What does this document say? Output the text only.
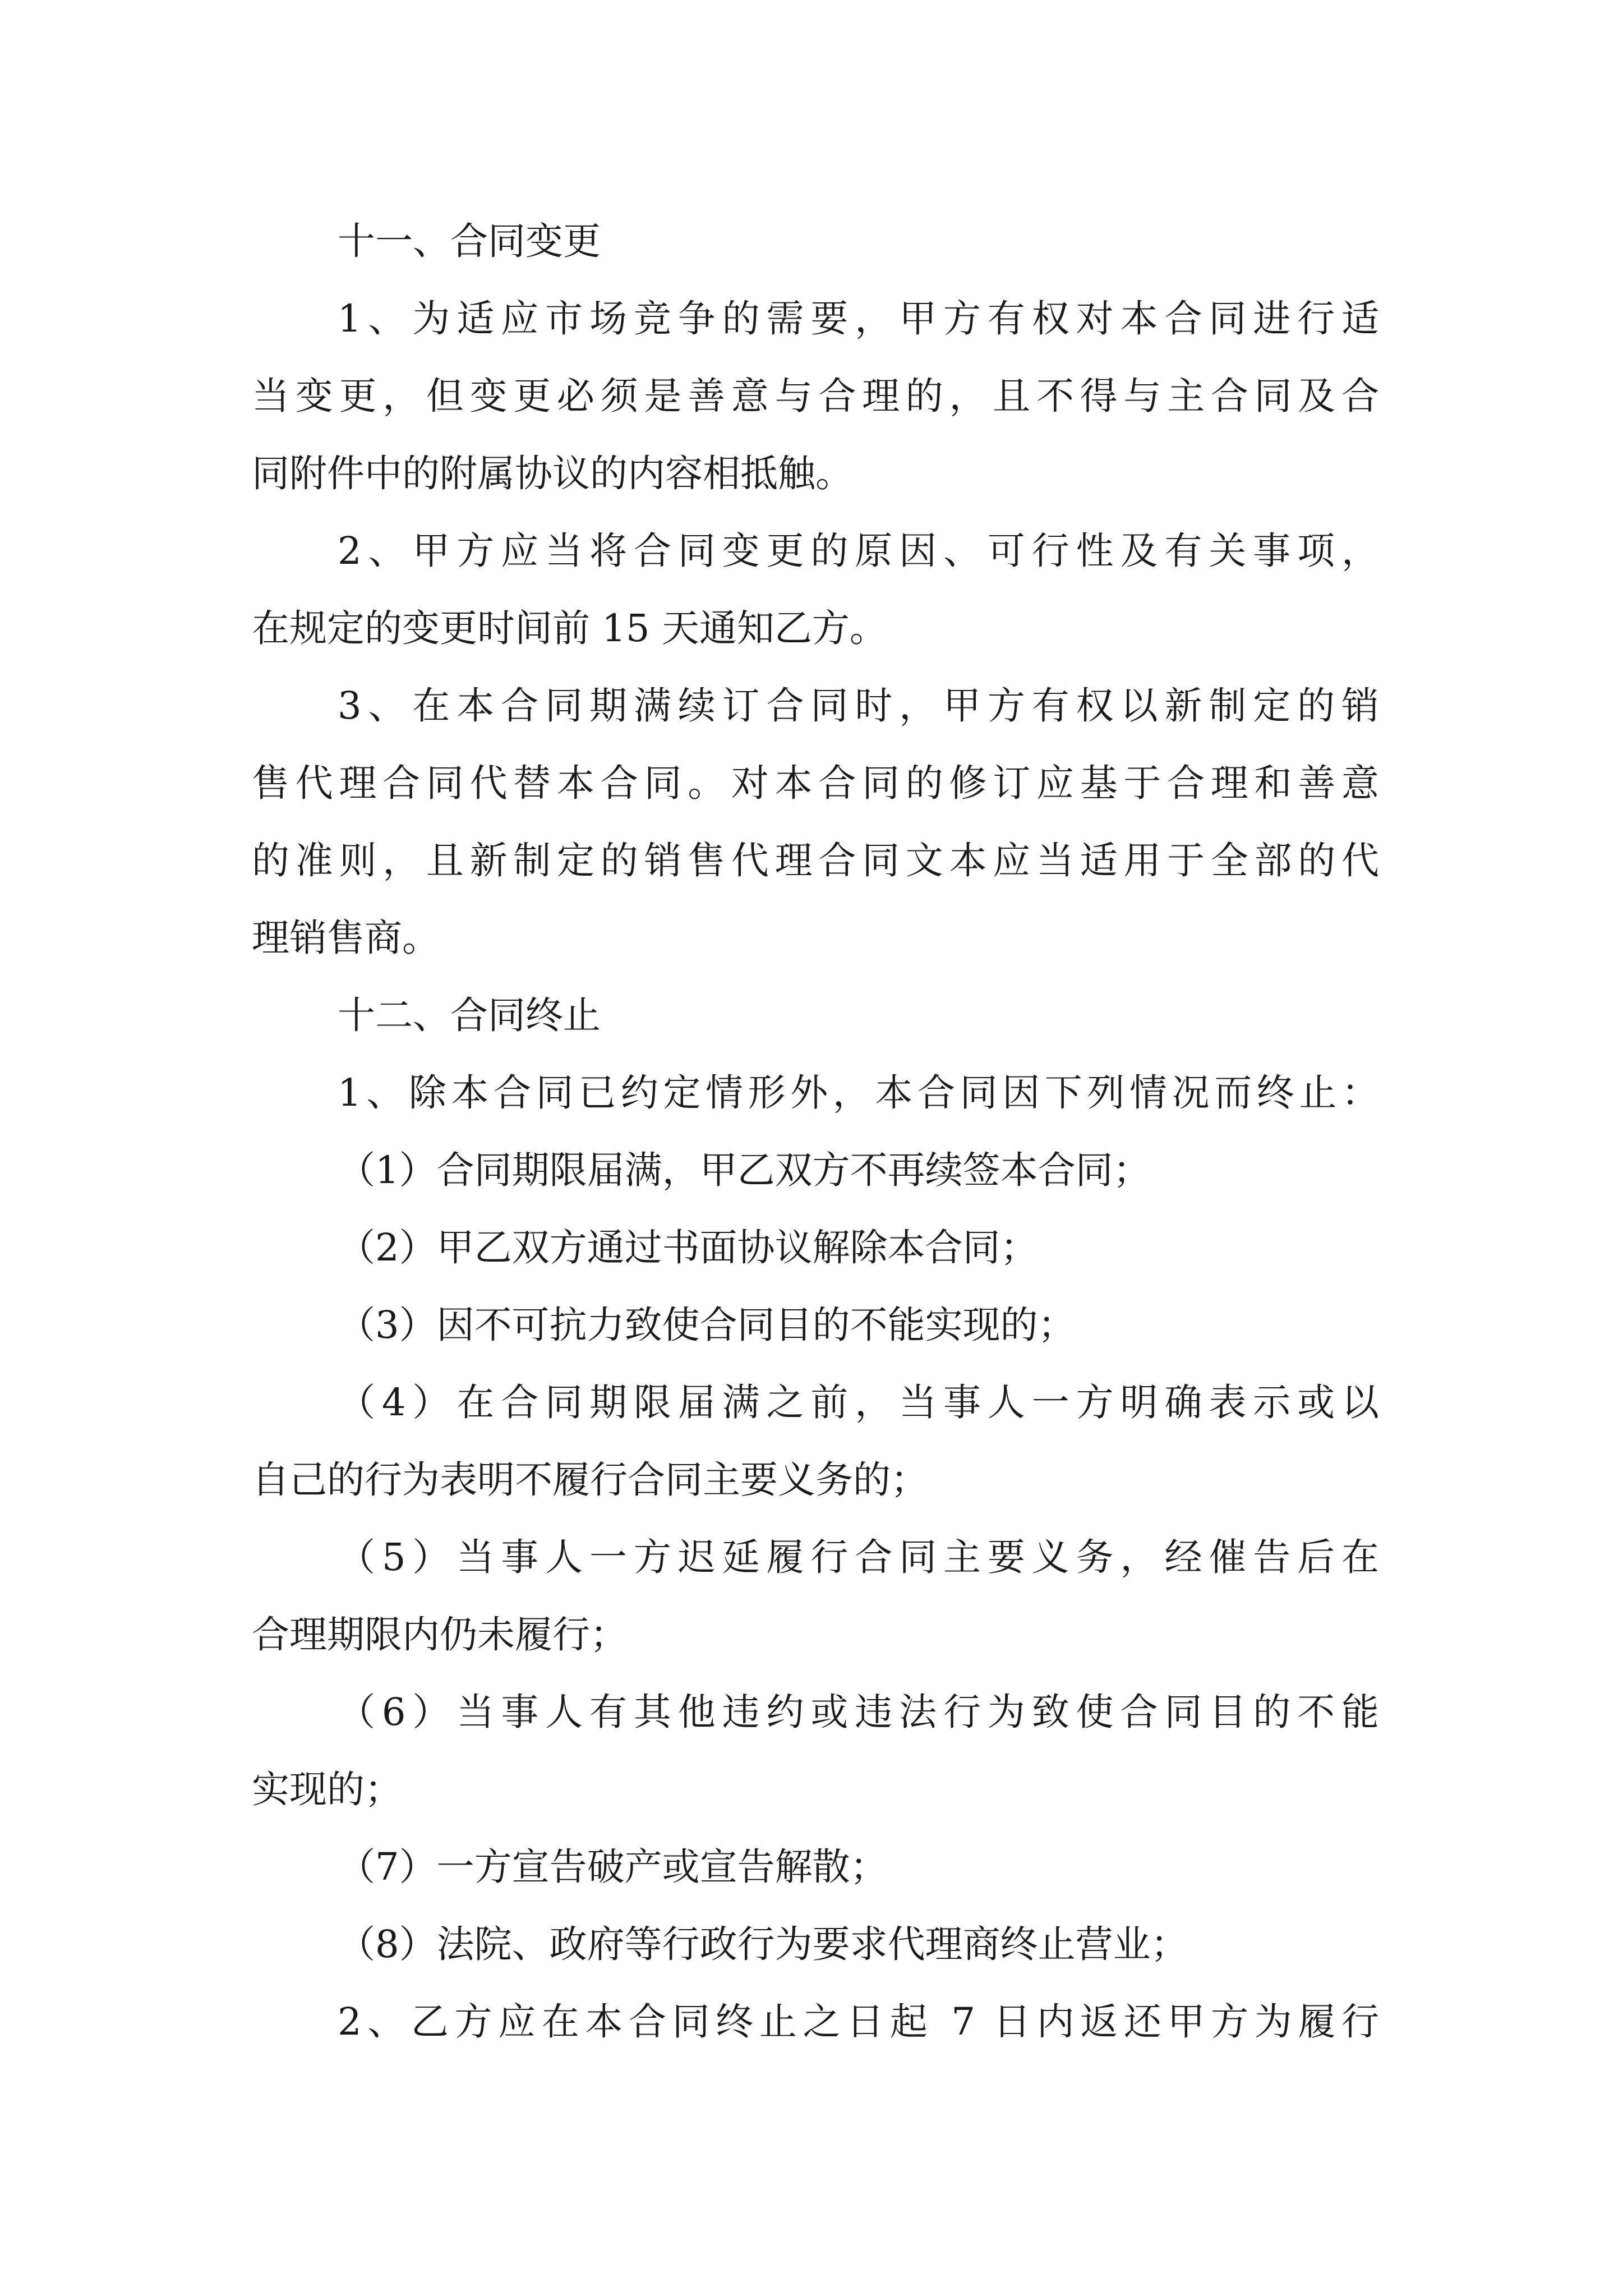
十一、合同变更
1、为适应市场竞争的需要，甲方有权对本合同进行适
当变更，但变更必须是善意与合理的，且不得与主合同及合
同附件中的附属协议的内容相抵触。
2、甲方应当将合同变更的原因、可行性及有关事项，
在规定的变更时间前 15 天通知乙方。
3、在本合同期满续订合同时，甲方有权以新制定的销
售代理合同代替本合同。对本合同的修订应基于合理和善意
的准则，且新制定的销售代理合同文本应当适用于全部的代
理销售商。
十二、合同终止
1、除本合同已约定情形外，本合同因下列情况而终止：
（1）合同期限届满，甲乙双方不再续签本合同；
（2）甲乙双方通过书面协议解除本合同；
（3）因不可抗力致使合同目的不能实现的；
（4）在合同期限届满之前，当事人一方明确表示或以
自己的行为表明不履行合同主要义务的；
（5）当事人一方迟延履行合同主要义务，经催告后在
合理期限内仍未履行；
（6）当事人有其他违约或违法行为致使合同目的不能
实现的；
（7）一方宣告破产或宣告解散；
（8）法院、政府等行政行为要求代理商终止营业；
2、乙方应在本合同终止之日起 7 日内返还甲方为履行
